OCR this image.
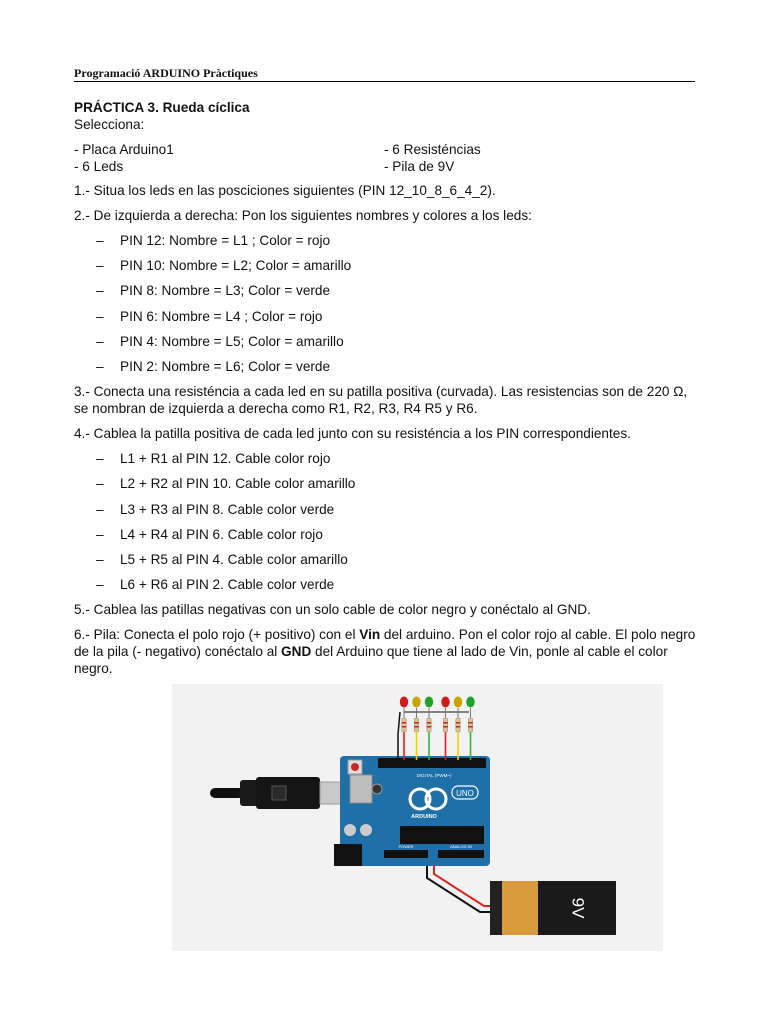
Programació ARDUINO Pràctiques
PRÁCTICA 3. Rueda cíclica
Selecciona:
- Placa Arduino1
- 6 Leds
- 6 Resisténcias
- Pila de 9V

1.- Situa los leds en las posciciones siguientes (PIN 12_10_8_6_4_2).

2.- De izquierda a derecha: Pon los siguientes nombres y colores a los leds:

–	PIN 12: Nombre = L1 ; Color = rojo
–	PIN 10: Nombre = L2; Color = amarillo
–	PIN 8: Nombre = L3; Color = verde
–	PIN 6: Nombre = L4 ; Color = rojo
–	PIN 4: Nombre = L5; Color = amarillo
–	PIN 2: Nombre = L6; Color = verde

3.- Conecta una resisténcia a cada led en su patilla positiva (curvada). Las resistencias son de 220 Ω, se nombran de izquierda a derecha como R1, R2, R3, R4 R5 y R6.

4.- Cablea la patilla positiva de cada led junto con su resisténcia a los PIN correspondientes.

–	L1 + R1 al PIN 12. Cable color rojo
–	L2 + R2 al PIN 10. Cable color amarillo
–	L3 + R3 al PIN 8. Cable color verde
–	L4 + R4 al PIN 6. Cable color rojo
–	L5 + R5 al PIN 4. Cable color amarillo
–	L6 + R6 al PIN 2. Cable color verde

5.- Cablea las patillas negativas con un solo cable de color negro y conéctalo al GND.

6.- Pila: Conecta el polo rojo (+ positivo) con el Vin del arduino. Pon el color rojo al cable. El polo negro de la pila (- negativo) conéctalo al GND del Arduino que tiene al lado de Vin, ponle al cable el color negro.

DIGITAL (PWM~)
ARDUINO
UNO
POWER	ANALOG IN
9V
